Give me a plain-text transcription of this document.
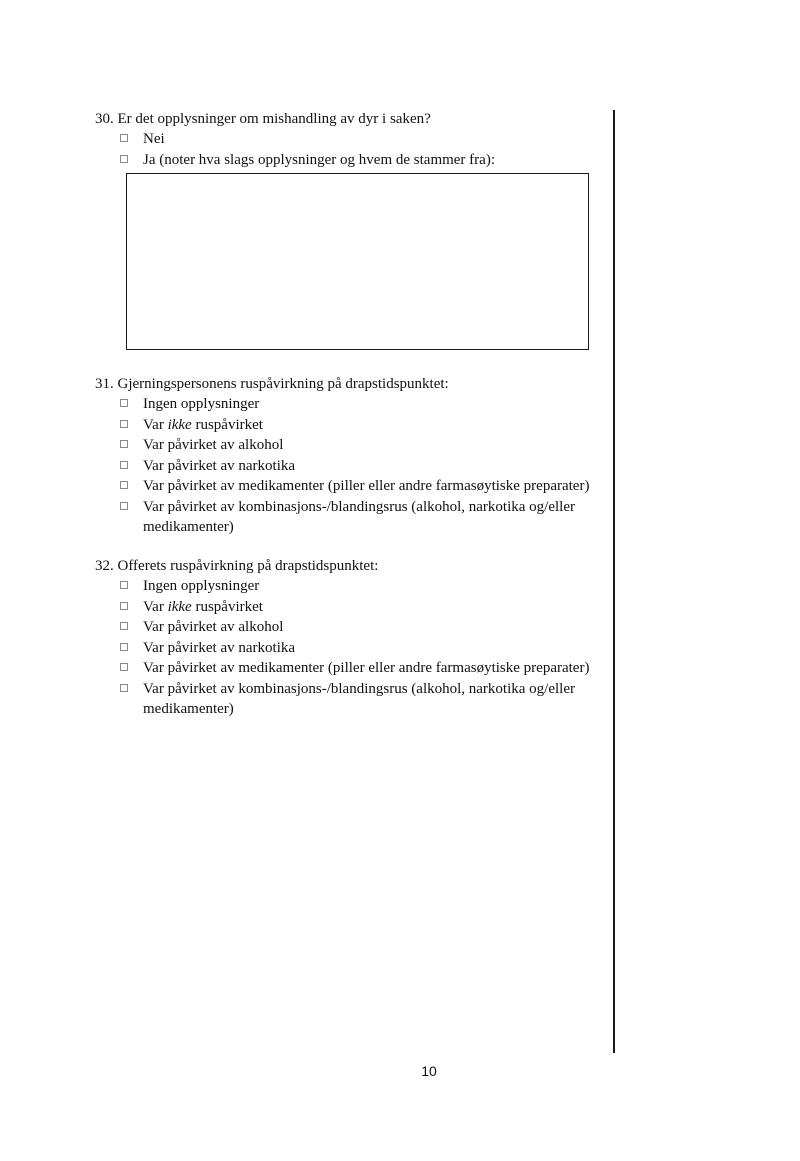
30. Er det opplysninger om mishandling av dyr i saken?
Nei
Ja (noter hva slags opplysninger og hvem de stammer fra):
31. Gjerningspersonens ruspåvirkning på drapstidspunktet:
Ingen opplysninger
Var ikke ruspåvirket
Var påvirket av alkohol
Var påvirket av narkotika
Var påvirket av medikamenter (piller eller andre farmasøytiske preparater)
Var påvirket av kombinasjons-/blandingsrus (alkohol, narkotika og/eller medikamenter)
32. Offerets ruspåvirkning på drapstidspunktet:
Ingen opplysninger
Var ikke ruspåvirket
Var påvirket av alkohol
Var påvirket av narkotika
Var påvirket av medikamenter (piller eller andre farmasøytiske preparater)
Var påvirket av kombinasjons-/blandingsrus (alkohol, narkotika og/eller medikamenter)
10
